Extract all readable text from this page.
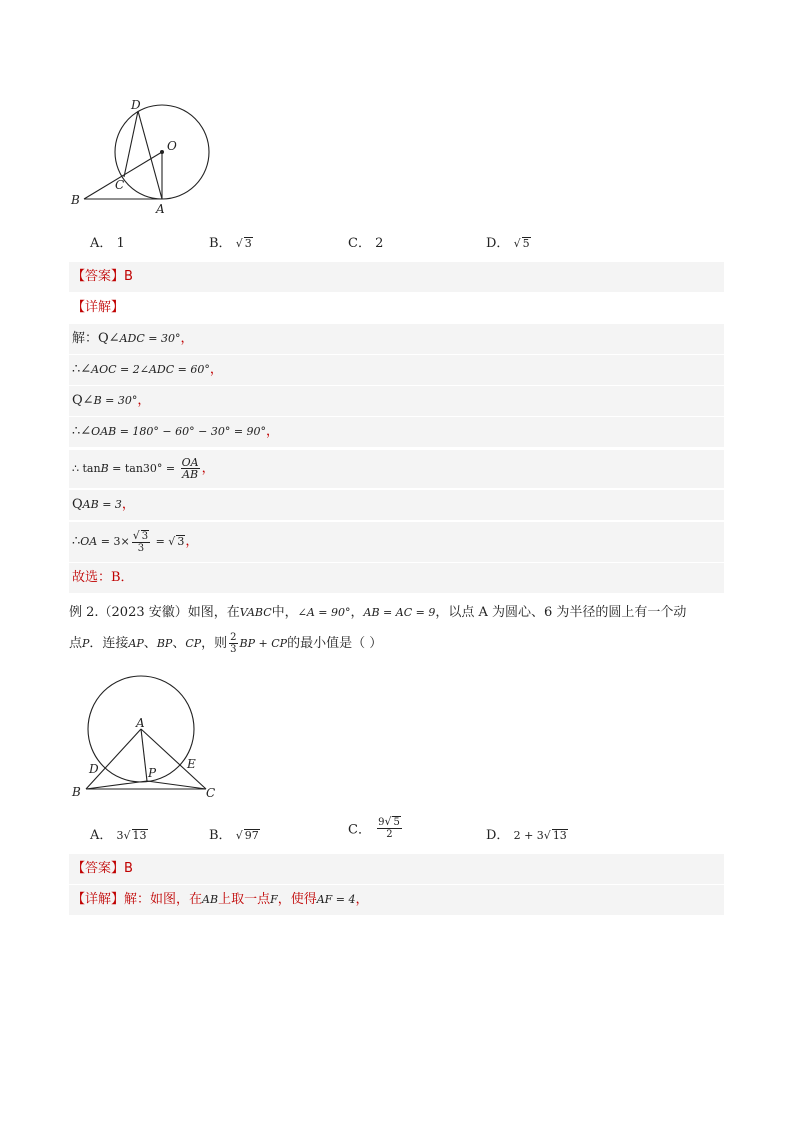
D
O
C
B
A
A． 1	B． √ 3	C． 2	D． √ 5
【答案】B
【详解】
解：Q∠ADC = 30°，
∴∠AOC = 2∠ADC = 60°，
Q∠B = 30°，
∴∠OAB = 180° − 60° − 30° = 90°，
∴ $\tan B = \tan 30^\circ = \frac{OA}{AB}$ ，
QAB = 3，
∴OA = $3\times \frac{√ 3}{3}$ = √ 3，
故选：B．
例 2.（2023 安徽）如图，在VABC中，∠A = 90°，AB = AC = 9，以点 A 为圆心、6 为半径的圆上有一个动
点P．连接AP、BP、CP，则 $\frac{2}{3}$ BP + CP的最小值是（ ）
A
D	P
E
B	C
A． 3√ 13	B． √ 97	C． $\frac{9√ 5}{2}$	D． 2 + 3√ 13
【答案】B
【详解】解：如图，在AB上取一点F，使得AF = 4，
